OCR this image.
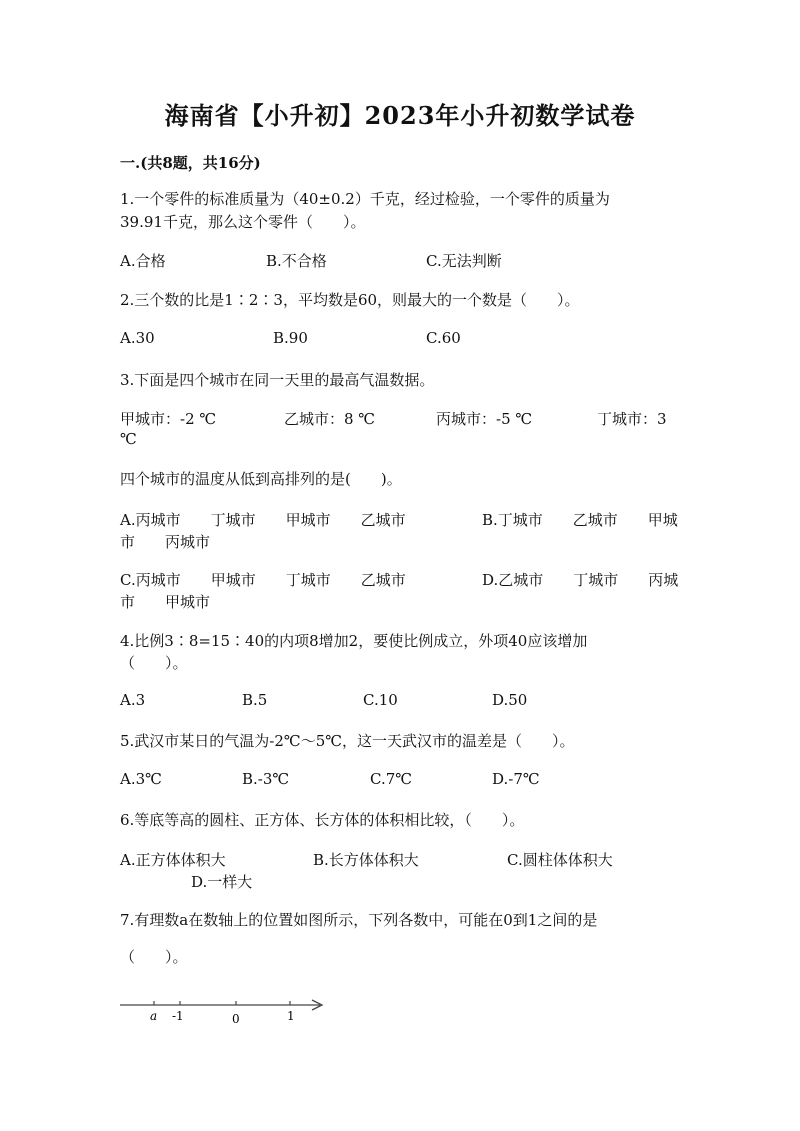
海南省【小升初】2023年小升初数学试卷
一.(共8题，共16分)
1.一个零件的标准质量为（40±0.2）千克，经过检验，一个零件的质量为
39.91千克，那么这个零件（　　）。
A.合格	B.不合格	C.无法判断
2.三个数的比是1∶2∶3，平均数是60，则最大的一个数是（　　）。
A.30	B.90	C.60
3.下面是四个城市在同一天里的最高气温数据。
甲城市：-2 ℃	乙城市：8 ℃	丙城市：-5 ℃	丁城市：3
℃
四个城市的温度从低到高排列的是(　　)。
A.丙城市　　丁城市　　甲城市　　乙城市	B.丁城市　　乙城市　　甲城
市　　丙城市
C.丙城市　　甲城市　　丁城市　　乙城市	D.乙城市　　丁城市　　丙城
市　　甲城市
4.比例3∶8=15∶40的内项8增加2，要使比例成立，外项40应该增加
（　　）。
A.3	B.5	C.10	D.50
5.武汉市某日的气温为-2℃～5℃，这一天武汉市的温差是（　　）。
A.3℃	B.-3℃	C.7℃	D.-7℃
6.等底等高的圆柱、正方体、长方体的体积相比较，（　　）。
A.正方体体积大	B.长方体体积大	C.圆柱体体积大
D.一样大
7.有理数a在数轴上的位置如图所示，下列各数中，可能在0到1之间的是
（　　）。
a -1	0	1
